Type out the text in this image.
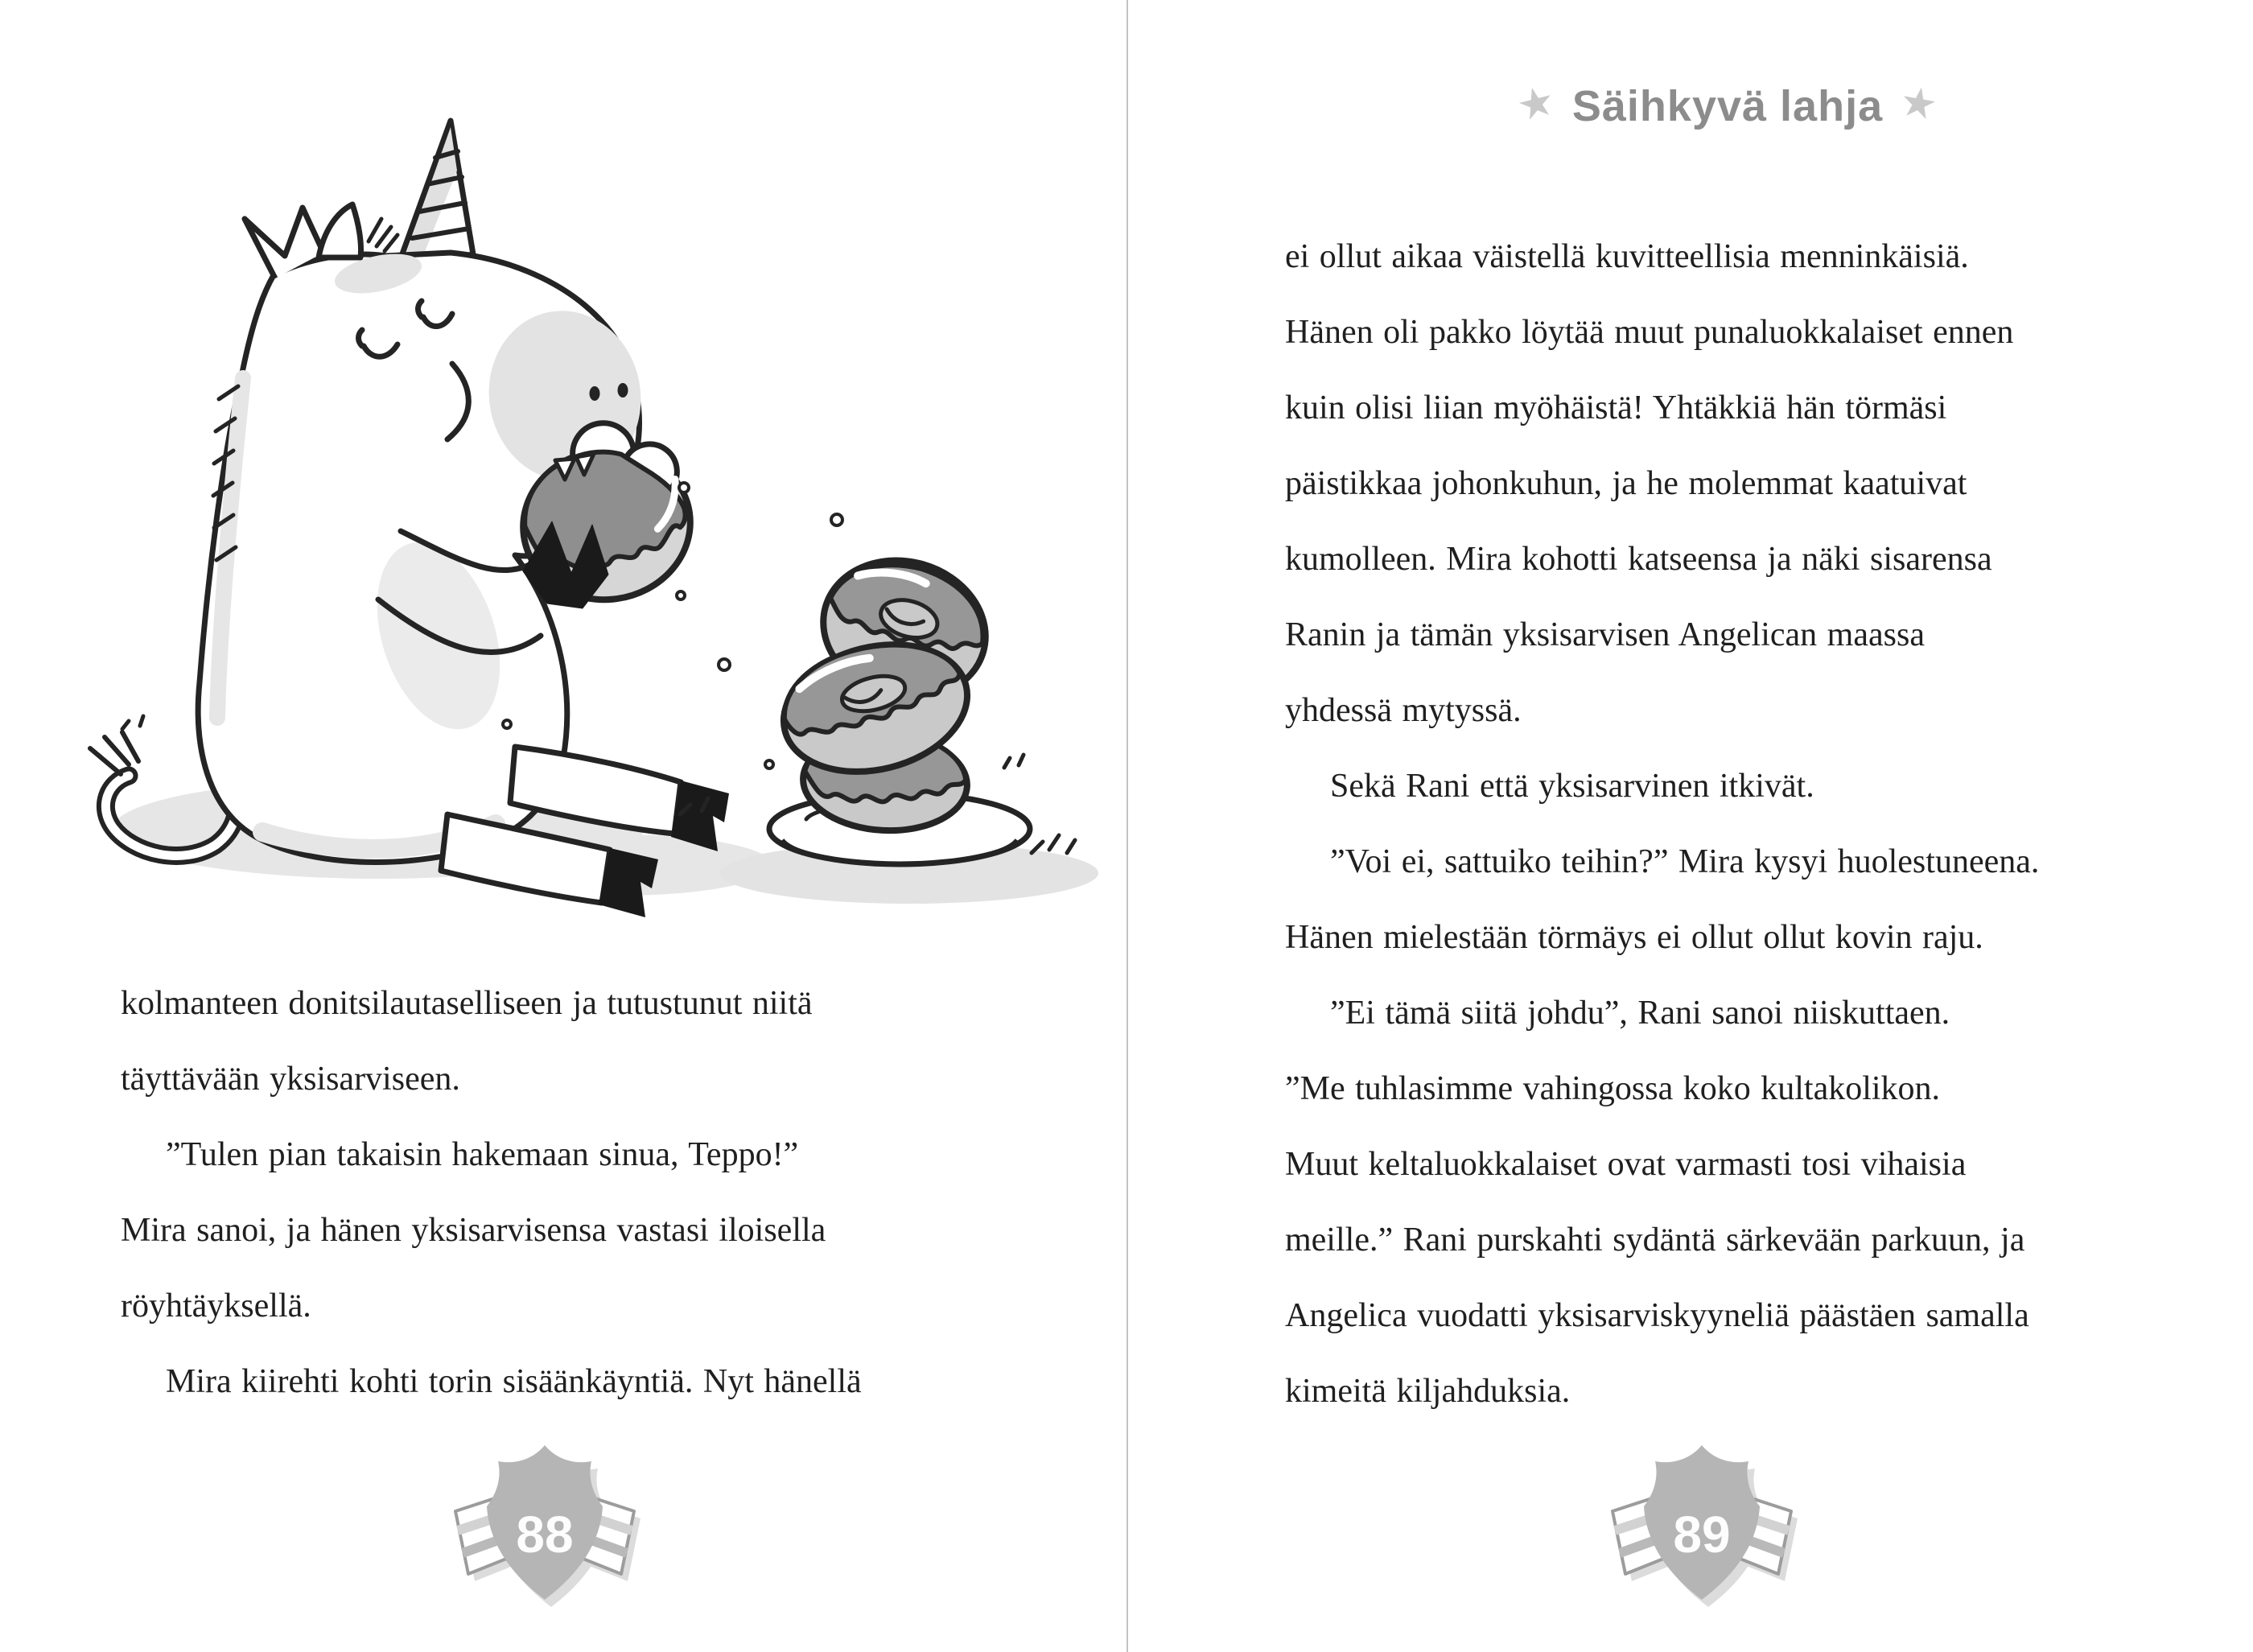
kolmanteen donitsilautaselliseen ja tutustunut niitä

täyttävään yksisarviseen.

”Tulen pian takaisin hakemaan sinua, Teppo!”

Mira sanoi, ja hänen yksisarvisensa vastasi iloisella

röyhtäyksellä.

Mira kiirehti kohti torin sisäänkäyntiä. Nyt hänellä

88
★ Säihkyvä lahja ★

ei ollut aikaa väistellä kuvitteellisia menninkäisiä.

Hänen oli pakko löytää muut punaluokkalaiset ennen

kuin olisi liian myöhäistä! Yhtäkkiä hän törmäsi

päistikkaa johonkuhun, ja he molemmat kaatuivat

kumolleen. Mira kohotti katseensa ja näki sisarensa

Ranin ja tämän yksisarvisen Angelican maassa

yhdessä mytyssä.

Sekä Rani että yksisarvinen itkivät.

”Voi ei, sattuiko teihin?” Mira kysyi huolestuneena.

Hänen mielestään törmäys ei ollut ollut kovin raju.

”Ei tämä siitä johdu”, Rani sanoi niiskuttaen.

”Me tuhlasimme vahingossa koko kultakolikon.

Muut keltaluokkalaiset ovat varmasti tosi vihaisia

meille.” Rani purskahti sydäntä särkevään parkuun, ja

Angelica vuodatti yksisarviskyyneliä päästäen samalla

kimeitä kiljahduksia.

89
